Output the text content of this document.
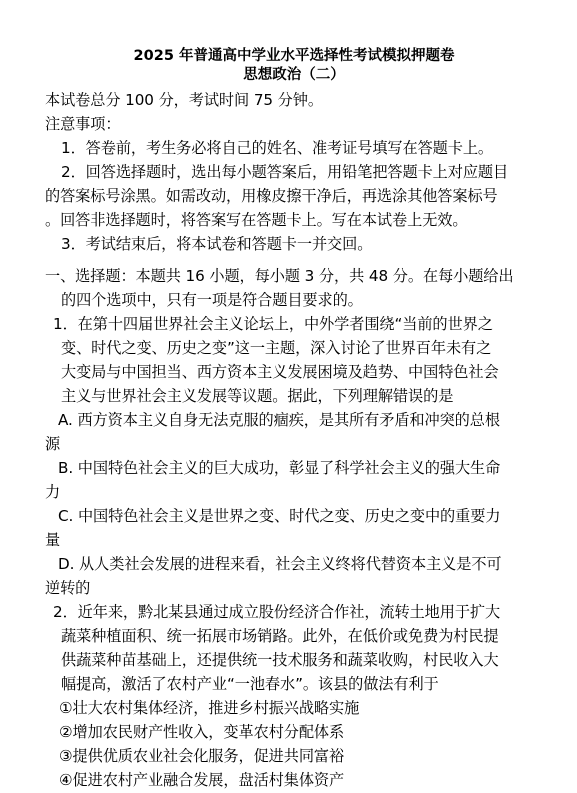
2025 年普通高中学业水平选择性考试模拟押题卷

思想政治（二）

本试卷总分 100 分，考试时间 75 分钟。
注意事项：
1．答卷前，考生务必将自己的姓名、准考证号填写在答题卡上。
2．回答选择题时，选出每小题答案后，用铅笔把答题卡上对应题目
的答案标号涂黑。如需改动，用橡皮擦干净后，再选涂其他答案标号
。回答非选择题时，将答案写在答题卡上。写在本试卷上无效。
3．考试结束后，将本试卷和答题卡一并交回。
一、选择题：本题共 16 小题，每小题 3 分，共 48 分。在每小题给出
的四个选项中，只有一项是符合题目要求的。
1．在第十四届世界社会主义论坛上，中外学者围绕“当前的世界之
变、时代之变、历史之变”这一主题，深入讨论了世界百年未有之
大变局与中国担当、西方资本主义发展困境及趋势、中国特色社会
主义与世界社会主义发展等议题。据此，下列理解错误的是
A. 西方资本主义自身无法克服的痼疾，是其所有矛盾和冲突的总根
源
B. 中国特色社会主义的巨大成功，彰显了科学社会主义的强大生命
力
C. 中国特色社会主义是世界之变、时代之变、历史之变中的重要力
量
D. 从人类社会发展的进程来看，社会主义终将代替资本主义是不可
逆转的
2．近年来，黔北某县通过成立股份经济合作社，流转土地用于扩大
蔬菜种植面积、统一拓展市场销路。此外，在低价或免费为村民提
供蔬菜种苗基础上，还提供统一技术服务和蔬菜收购，村民收入大
幅提高，激活了农村产业“一池春水”。该县的做法有利于
①壮大农村集体经济，推进乡村振兴战略实施
②增加农民财产性收入，变革农村分配体系
③提供优质农业社会化服务，促进共同富裕
④促进农村产业融合发展，盘活村集体资产
